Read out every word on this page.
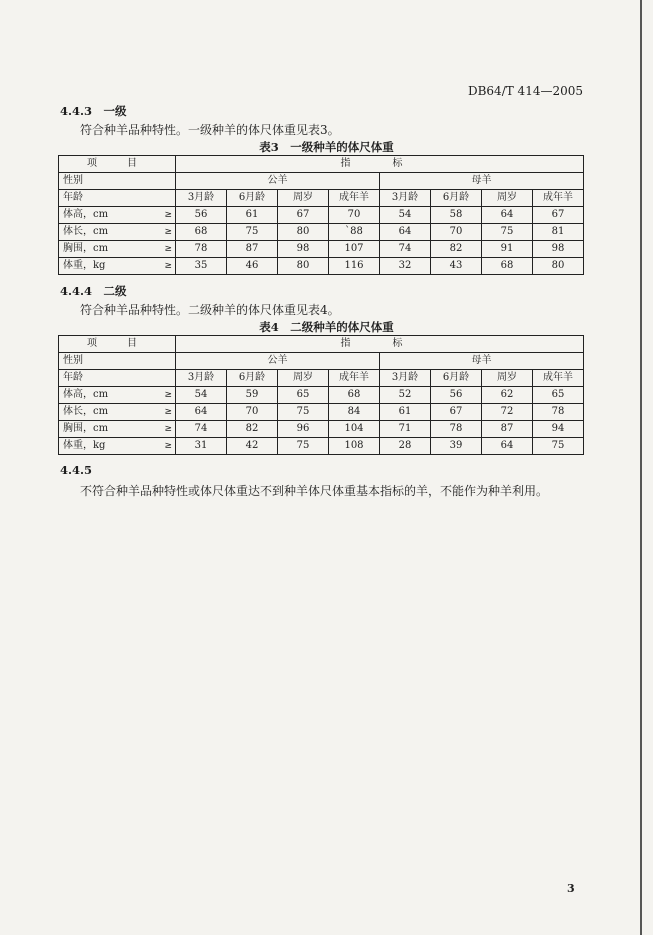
DB64/T 414—2005
4.4.3　一级
符合种羊品种特性。一级种羊的体尺体重见表3。
表3　一级种羊的体尺体重
项　目	指　标							
性别	公羊				母羊			
年龄	3月龄	6月龄	周岁	成年羊	3月龄	6月龄	周岁	成年羊
体高，cm ≥	56	61	67	70	54	58	64	67
体长，cm ≥	68	75	80	`88	64	70	75	81
胸围，cm ≥	78	87	98	107	74	82	91	98
体重，kg ≥	35	46	80	116	32	43	68	80
4.4.4　二级
符合种羊品种特性。二级种羊的体尺体重见表4。
表4　二级种羊的体尺体重
项　目	指　标							
性别	公羊				母羊			
年龄	3月龄	6月龄	周岁	成年羊	3月龄	6月龄	周岁	成年羊
体高，cm ≥	54	59	65	68	52	56	62	65
体长，cm ≥	64	70	75	84	61	67	72	78
胸围，cm ≥	74	82	96	104	71	78	87	94
体重，kg ≥	31	42	75	108	28	39	64	75
4.4.5
不符合种羊品种特性或体尺体重达不到种羊体尺体重基本指标的羊，不能作为种羊利用。
3
